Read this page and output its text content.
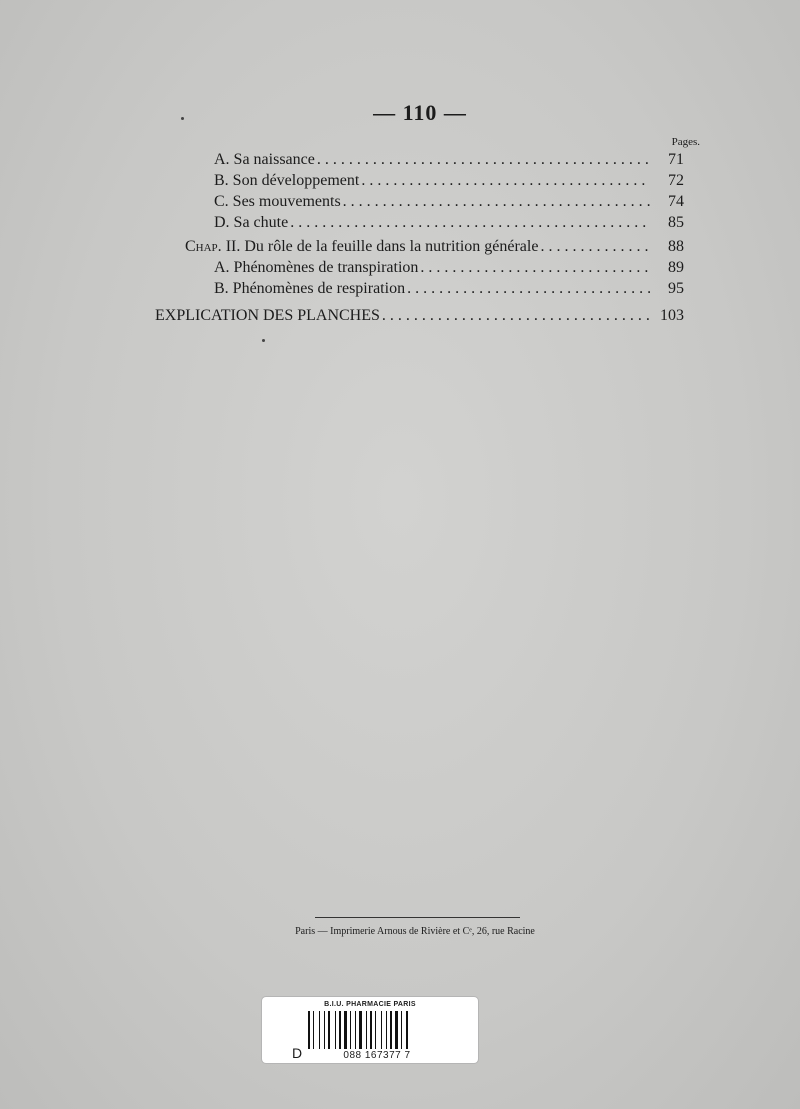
— 110 —
Pages.
A. Sa naissance . . .	71
B. Son développement . . .	72
C. Ses mouvements . . .	74
D. Sa chute . . .	85
Chap. II. Du rôle de la feuille dans la nutrition générale . . .	88
A. Phénomènes de transpiration . . .	89
B. Phénomènes de respiration . . .	95
EXPLICATION DES PLANCHES . . .	103
Paris — Imprimerie Arnous de Rivière et Cᵉ, 26, rue Racine
B.I.U. PHARMACIE PARIS
D	088 167377 7
